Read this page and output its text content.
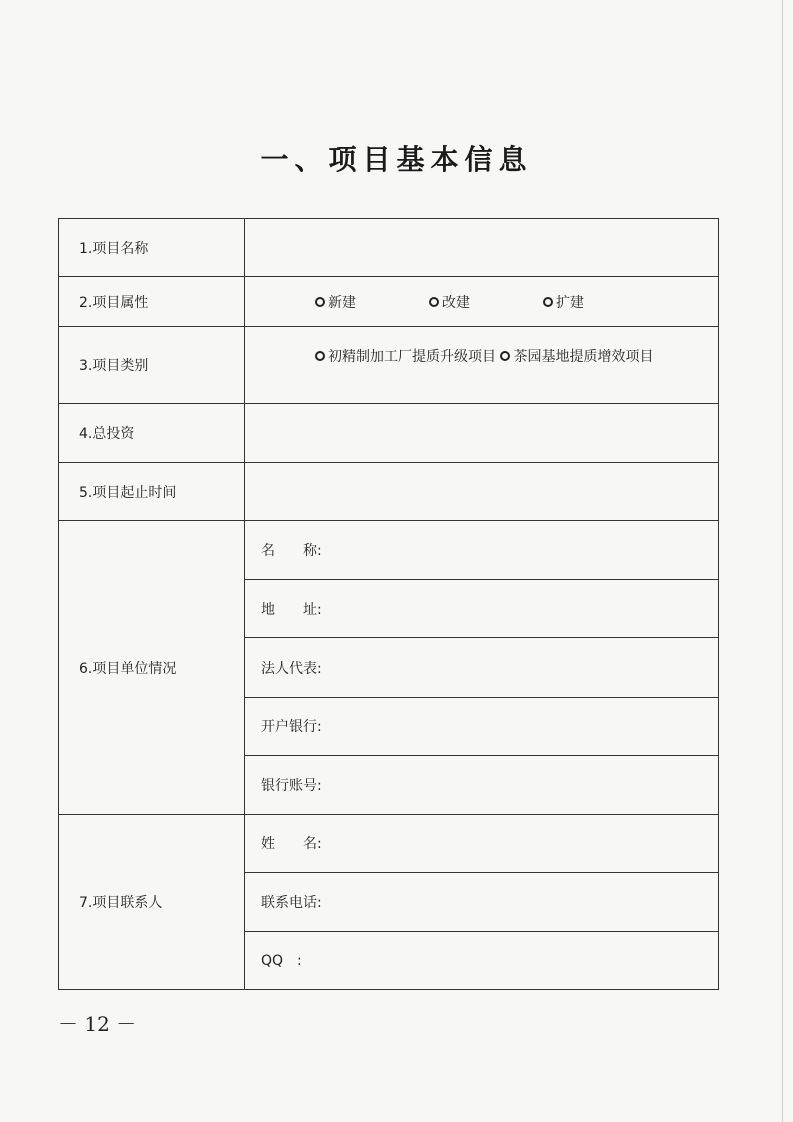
一、项目基本信息
1.项目名称	
2.项目属性	新建 改建 扩建

3.项目类别	初精制加工厂提质升级项目
茶园基地提质增效项目

4.总投资	
5.项目起止时间	
6.项目单位情况	名　　称:
	地　　址:
	法人代表:
	开户银行:
	银行账号:
7.项目联系人	姓　　名:
	联系电话:
	QQ　:
－ 12 －
